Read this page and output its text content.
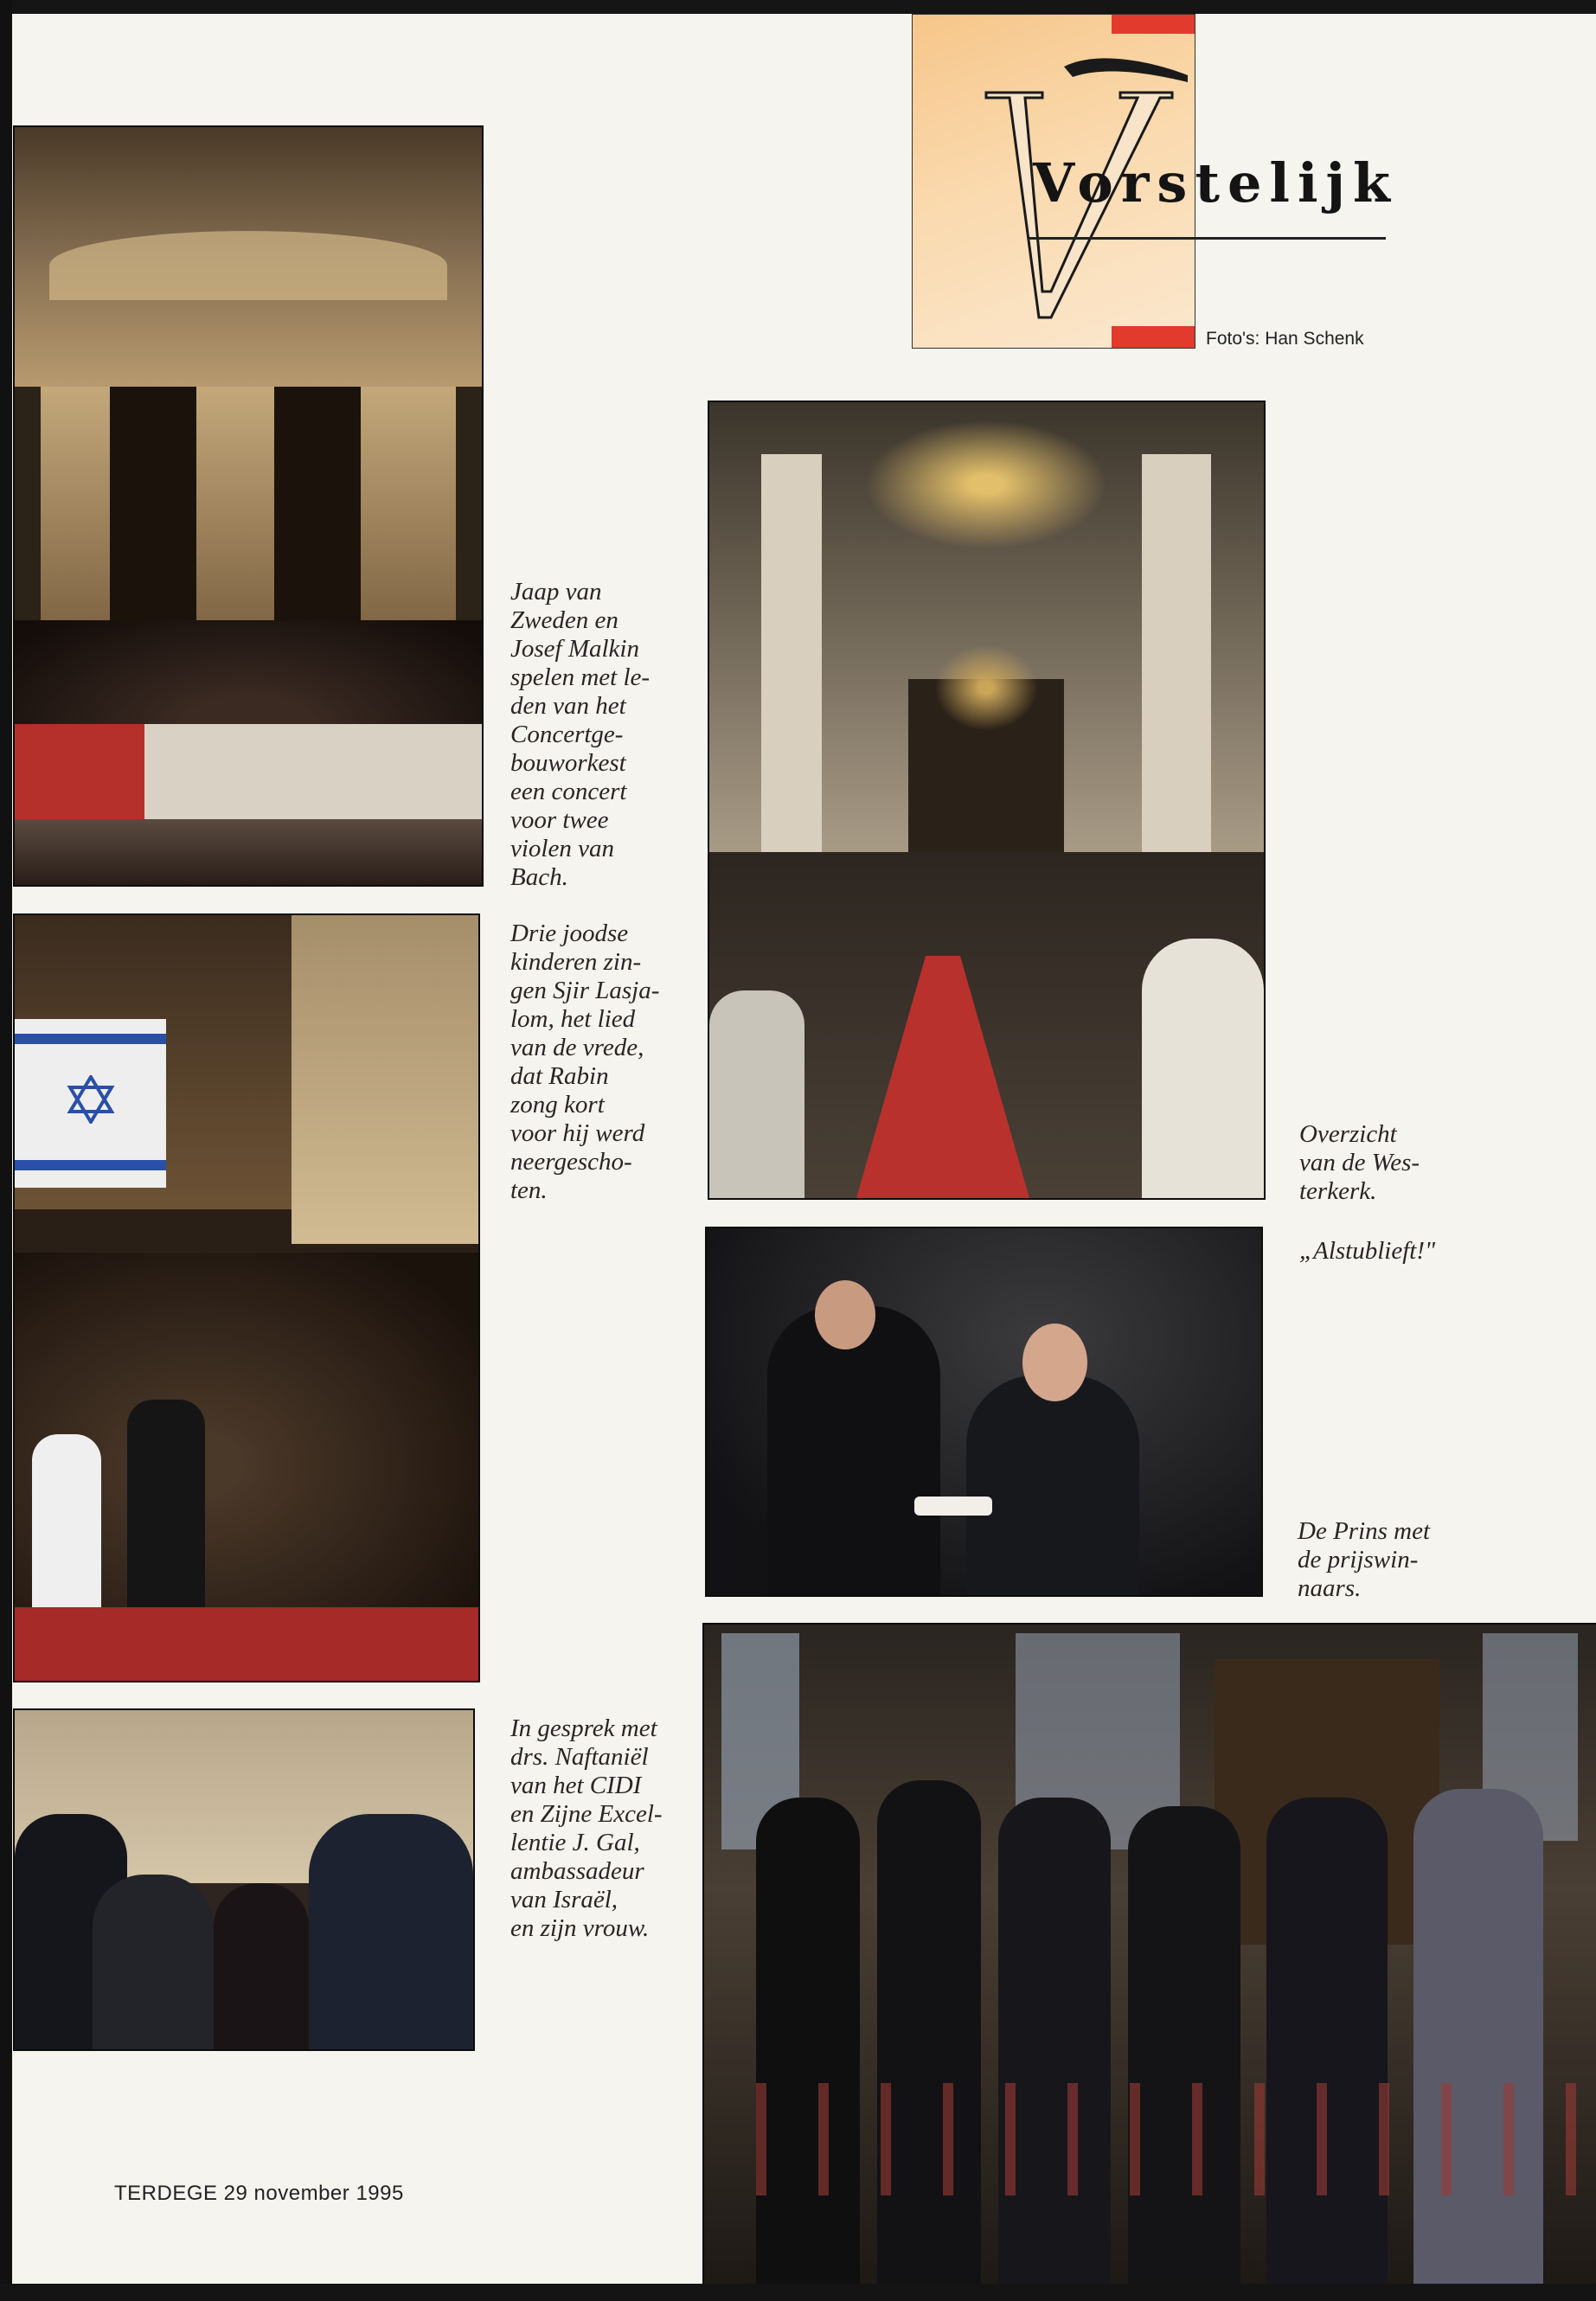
Vorstelijk
Foto's: Han Schenk

Jaap van
Zweden en
Josef Malkin
spelen met le-
den van het
Concertge-
bouworkest
een concert
voor twee
violen van
Bach.

Drie joodse
kinderen zin-
gen Sjir Lasja-
lom, het lied
van de vrede,
dat Rabin
zong kort
voor hij werd
neergescho-
ten.

Overzicht
van de Wes-
terkerk.

„Alstublieft!"

De Prins met
de prijswin-
naars.

In gesprek met
drs. Naftaniël
van het CIDI
en Zijne Excel-
lentie J. Gal,
ambassadeur
van Israël,
en zijn vrouw.

TERDEGE 29 november 1995
